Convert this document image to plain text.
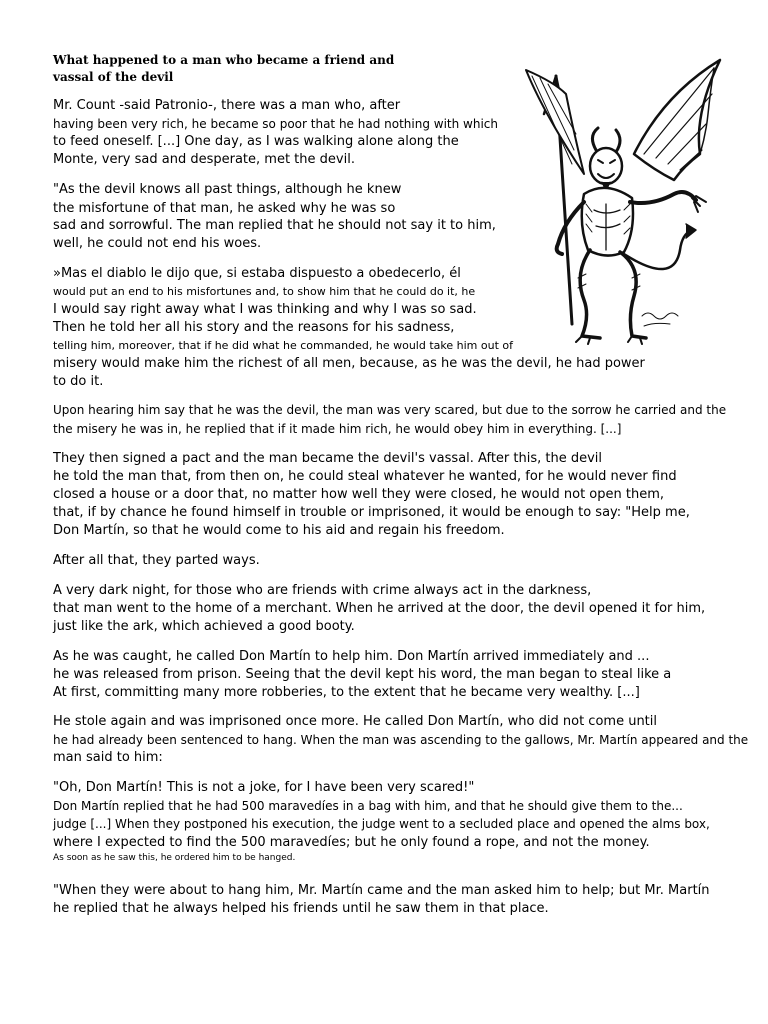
What happened to a man who became a friend and vassal of the devil

Mr. Count -said Patronio-, there was a man who, after

having been very rich, he became so poor that he had nothing with which

to feed oneself. [...] One day, as I was walking alone along the

Monte, very sad and desperate, met the devil.

"As the devil knows all past things, although he knew

the misfortune of that man, he asked why he was so

sad and sorrowful. The man replied that he should not say it to him,

well, he could not end his woes.

»Mas el diablo le dijo que, si estaba dispuesto a obedecerlo, él

would put an end to his misfortunes and, to show him that he could do it, he

I would say right away what I was thinking and why I was so sad.

Then he told her all his story and the reasons for his sadness,

telling him, moreover, that if he did what he commanded, he would take him out of

misery would make him the richest of all men, because, as he was the devil, he had power

to do it.

Upon hearing him say that he was the devil, the man was very scared, but due to the sorrow he carried and the

the misery he was in, he replied that if it made him rich, he would obey him in everything. [...]

They then signed a pact and the man became the devil's vassal. After this, the devil

he told the man that, from then on, he could steal whatever he wanted, for he would never find

closed a house or a door that, no matter how well they were closed, he would not open them,

that, if by chance he found himself in trouble or imprisoned, it would be enough to say: "Help me,

Don Martín, so that he would come to his aid and regain his freedom.

After all that, they parted ways.

A very dark night, for those who are friends with crime always act in the darkness,

that man went to the home of a merchant. When he arrived at the door, the devil opened it for him,

just like the ark, which achieved a good booty.

As he was caught, he called Don Martín to help him. Don Martín arrived immediately and ...

he was released from prison. Seeing that the devil kept his word, the man began to steal like a

At first, committing many more robberies, to the extent that he became very wealthy. [...]

He stole again and was imprisoned once more. He called Don Martín, who did not come until

he had already been sentenced to hang. When the man was ascending to the gallows, Mr. Martín appeared and the

man said to him:

"Oh, Don Martín! This is not a joke, for I have been very scared!"

Don Martín replied that he had 500 maravedíes in a bag with him, and that he should give them to the...

judge [...] When they postponed his execution, the judge went to a secluded place and opened the alms box,

where I expected to find the 500 maravedíes; but he only found a rope, and not the money.

As soon as he saw this, he ordered him to be hanged.

"When they were about to hang him, Mr. Martín came and the man asked him to help; but Mr. Martín

he replied that he always helped his friends until he saw them in that place.
